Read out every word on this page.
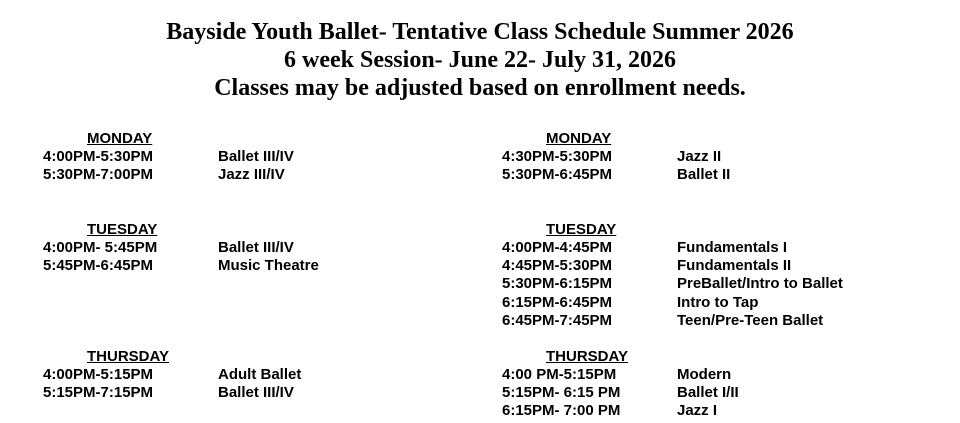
Bayside Youth Ballet- Tentative Class Schedule Summer 2026
6 week Session- June 22- July 31, 2026
Classes may be adjusted based on enrollment needs.
MONDAY
4:00PM-5:30PM	Ballet III/IV
5:30PM-7:00PM	Jazz III/IV
TUESDAY
4:00PM- 5:45PM	Ballet III/IV
5:45PM-6:45PM	Music Theatre
THURSDAY
4:00PM-5:15PM	Adult Ballet
5:15PM-7:15PM	Ballet III/IV
MONDAY
4:30PM-5:30PM	Jazz II
5:30PM-6:45PM	Ballet II
TUESDAY
4:00PM-4:45PM	Fundamentals I
4:45PM-5:30PM	Fundamentals II
5:30PM-6:15PM	PreBallet/Intro to Ballet
6:15PM-6:45PM	Intro to Tap
6:45PM-7:45PM	Teen/Pre-Teen Ballet
THURSDAY
4:00 PM-5:15PM	Modern
5:15PM- 6:15 PM	Ballet I/II
6:15PM- 7:00 PM	Jazz I
